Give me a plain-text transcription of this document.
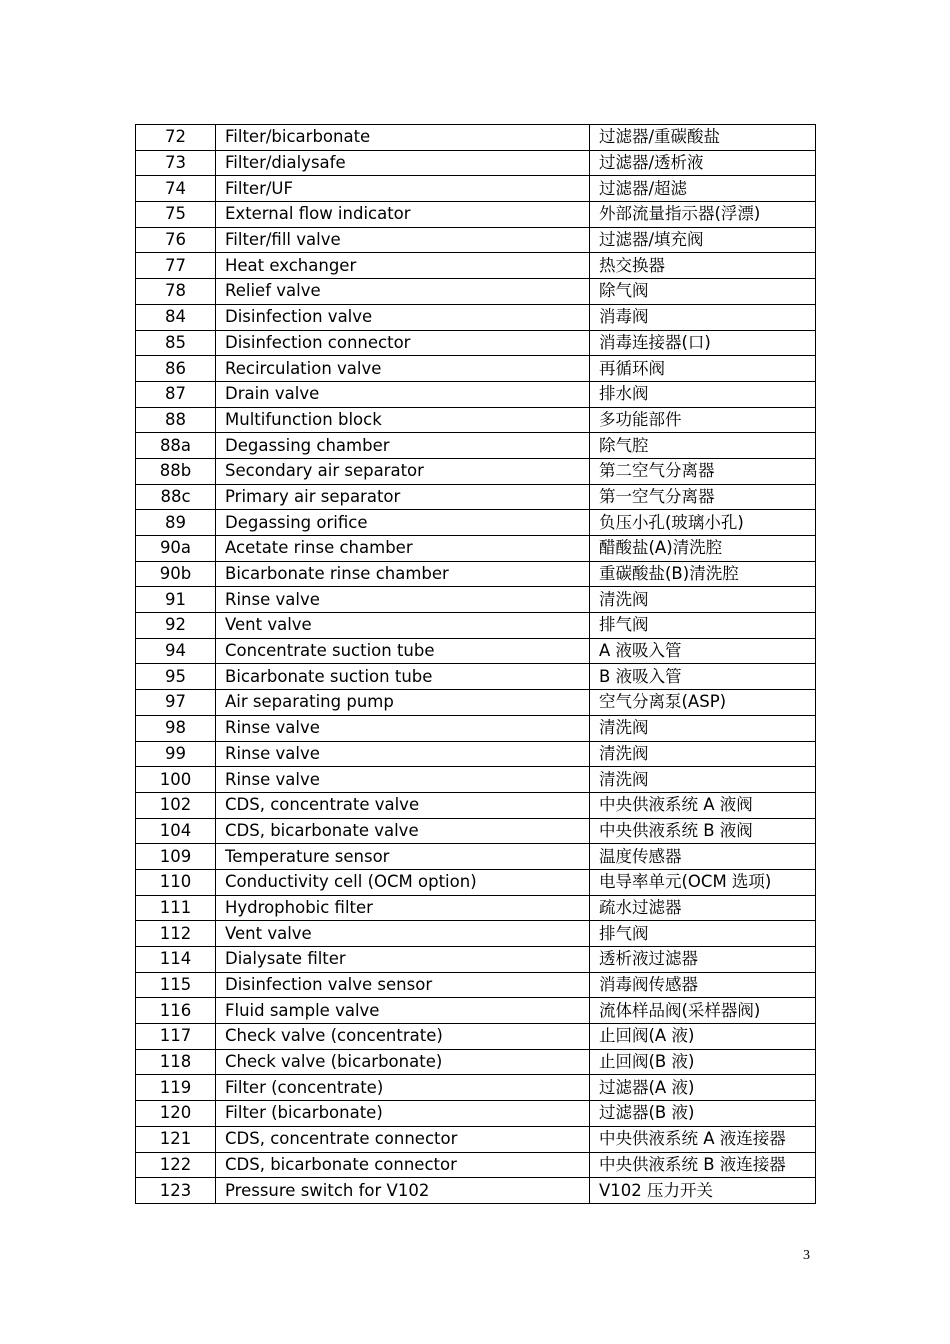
72	Filter/bicarbonate	过滤器/重碳酸盐
73	Filter/dialysafe	过滤器/透析液
74	Filter/UF	过滤器/超滤
75	External flow indicator	外部流量指示器(浮漂)
76	Filter/fill valve	过滤器/填充阀
77	Heat exchanger	热交换器
78	Relief valve	除气阀
84	Disinfection valve	消毒阀
85	Disinfection connector	消毒连接器(口)
86	Recirculation valve	再循环阀
87	Drain valve	排水阀
88	Multifunction block	多功能部件
88a	Degassing chamber	除气腔
88b	Secondary air separator	第二空气分离器
88c	Primary air separator	第一空气分离器
89	Degassing orifice	负压小孔(玻璃小孔)
90a	Acetate rinse chamber	醋酸盐(A)清洗腔
90b	Bicarbonate rinse chamber	重碳酸盐(B)清洗腔
91	Rinse valve	清洗阀
92	Vent valve	排气阀
94	Concentrate suction tube	A 液吸入管
95	Bicarbonate suction tube	B 液吸入管
97	Air separating pump	空气分离泵(ASP)
98	Rinse valve	清洗阀
99	Rinse valve	清洗阀
100	Rinse valve	清洗阀
102	CDS, concentrate valve	中央供液系统 A 液阀
104	CDS, bicarbonate valve	中央供液系统 B 液阀
109	Temperature sensor	温度传感器
110	Conductivity cell (OCM option)	电导率单元(OCM 选项)
111	Hydrophobic filter	疏水过滤器
112	Vent valve	排气阀
114	Dialysate filter	透析液过滤器
115	Disinfection valve sensor	消毒阀传感器
116	Fluid sample valve	流体样品阀(采样器阀)
117	Check valve (concentrate)	止回阀(A 液)
118	Check valve (bicarbonate)	止回阀(B 液)
119	Filter (concentrate)	过滤器(A 液)
120	Filter (bicarbonate)	过滤器(B 液)
121	CDS, concentrate connector	中央供液系统 A 液连接器
122	CDS, bicarbonate connector	中央供液系统 B 液连接器
123	Pressure switch for V102	V102 压力开关
3
